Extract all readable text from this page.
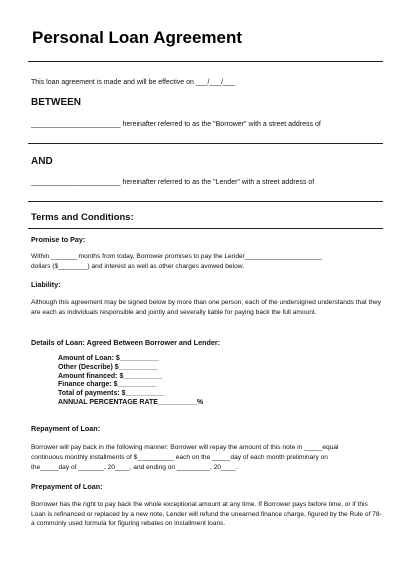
Personal Loan Agreement
This loan agreement is made and will be effective on ___/___/___
BETWEEN
_______________________ hereinafter referred to as the "Borrower" with a street address of
AND
_______________________ hereinafter referred to as the "Lender" with a street address of
Terms and Conditions:
Promise to Pay:
Within _______ months from today, Borrower promises to pay the Lender_____________________
dollars ($________) and interest as well as other charges avowed below.
Liability:
Although this agreement may be signed below by more than one person, each of the undersigned understands that they are each as individuals responsible and jointly and severally liable for paying back the full amount.
Details of Loan: Agreed Between Borrower and Lender:
Amount of Loan: $__________
Other (Describe) $__________
Amount financed: $__________
Finance charge: $__________
Total of payments: $__________
ANNUAL PERCENTAGE RATE__________%
Repayment of Loan:
Borrower will pay back in the following manner: Borrower will repay the amount of this note in _____equal
continuous monthly installments of $__________ each on the _____day of each month preliminary on
the_____day of _______, 20____, and ending on _________, 20____.
Prepayment of Loan:
Borrower has the right to pay back the whole exceptional amount at any time. If Borrower pays before time, or if this Loan is refinanced or replaced by a new note, Lender will refund the unearned finance charge, figured by the Rule of 78-a commonly used formula for figuring rebates on installment loans.
